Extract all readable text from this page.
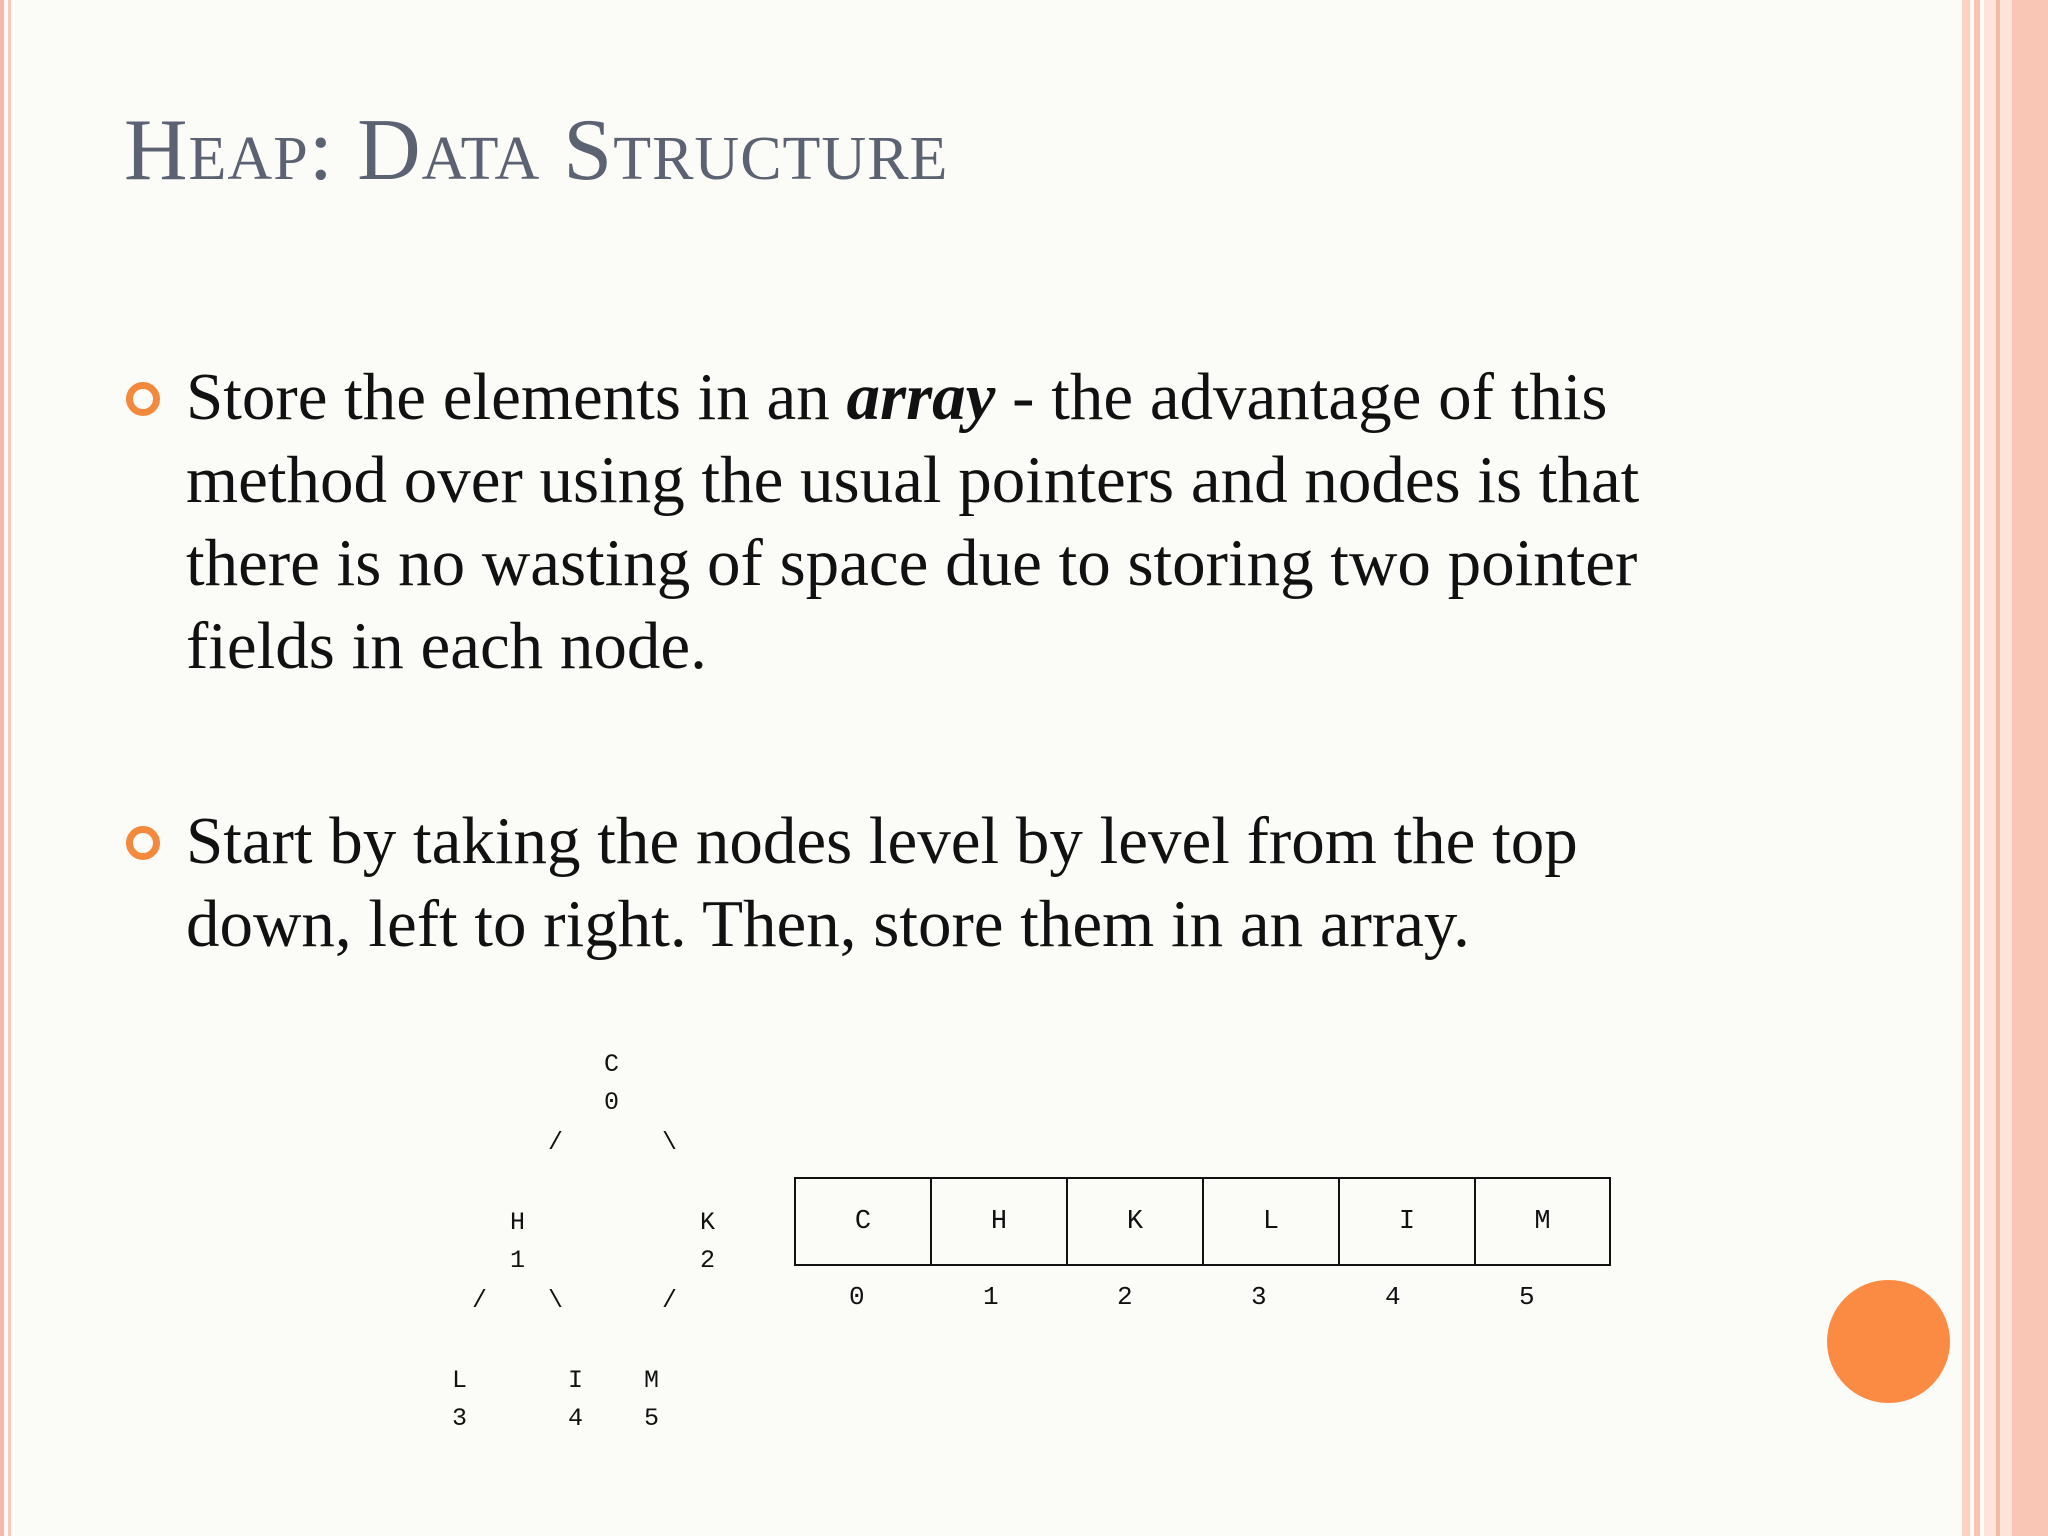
Heap: Data Structure
Store the elements in an array - the advantage of this method over using the usual pointers and nodes is that there is no wasting of space due to storing two pointer fields in each node.
Start by taking the nodes level by level from the top down, left to right. Then, store them in an array.
C
0
/	\
H
1
K
2
/ \	/
L
3
I
4
M
5
C	H	K	L	I	M
0	1	2	3	4	5
